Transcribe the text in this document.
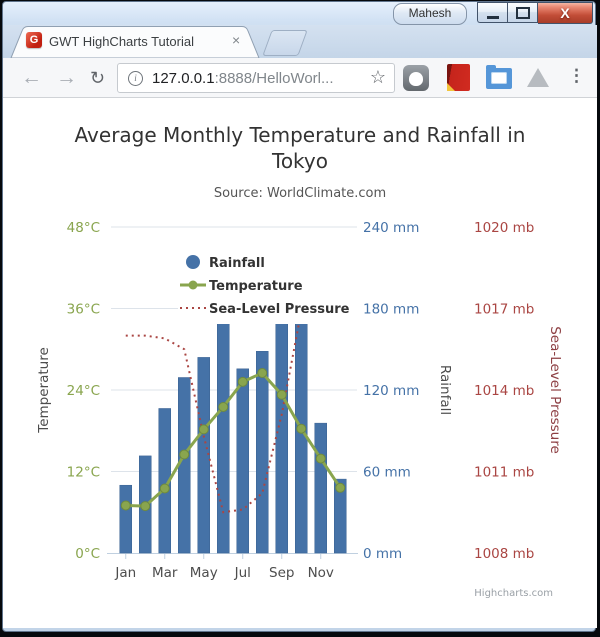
Mahesh	X
G GWT HighCharts Tutorial	×
← → ↻	i	127.0.0.1:8888/HelloWorl... ☆	⋮
Rainfall
Temperature
Sea-Level Pressure
0°C
12°C
24°C
36°C
48°C
0 mm
60 mm
120 mm
180 mm
240 mm
1008 mb
1011 mb
1014 mb
1017 mb
1020 mb
Temperature	Rainfall	Sea-Level Pressure
Jan Mar May Jul Sep Nov
Average Monthly Temperature and Rainfall in
Tokyo
Source: WorldClimate.com
Highcharts.com
